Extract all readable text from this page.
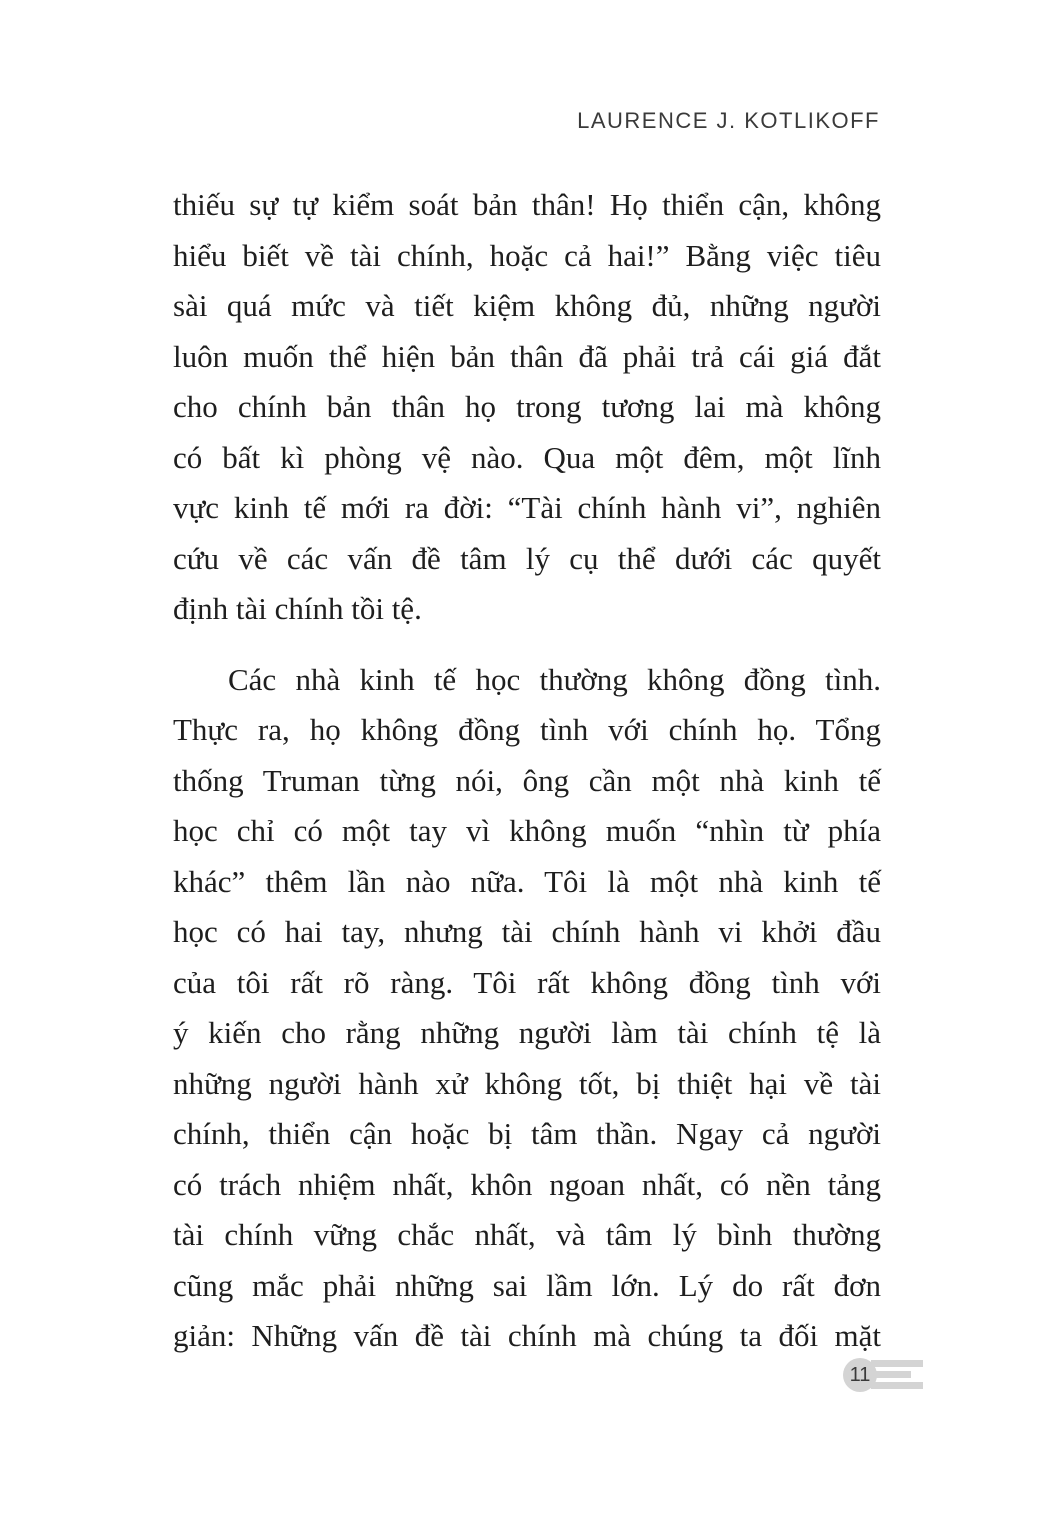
LAURENCE J. KOTLIKOFF
thiếu sự tự kiểm soát bản thân! Họ thiển cận, không
hiểu biết về tài chính, hoặc cả hai!” Bằng việc tiêu
sài quá mức và tiết kiệm không đủ, những người
luôn muốn thể hiện bản thân đã phải trả cái giá đắt
cho chính bản thân họ trong tương lai mà không
có bất kì phòng vệ nào. Qua một đêm, một lĩnh
vực kinh tế mới ra đời: “Tài chính hành vi”, nghiên
cứu về các vấn đề tâm lý cụ thể dưới các quyết
định tài chính tồi tệ.
Các nhà kinh tế học thường không đồng tình.
Thực ra, họ không đồng tình với chính họ. Tổng
thống Truman từng nói, ông cần một nhà kinh tế
học chỉ có một tay vì không muốn “nhìn từ phía
khác” thêm lần nào nữa. Tôi là một nhà kinh tế
học có hai tay, nhưng tài chính hành vi khởi đầu
của tôi rất rõ ràng. Tôi rất không đồng tình với
ý kiến cho rằng những người làm tài chính tệ là
những người hành xử không tốt, bị thiệt hại về tài
chính, thiển cận hoặc bị tâm thần. Ngay cả người
có trách nhiệm nhất, khôn ngoan nhất, có nền tảng
tài chính vững chắc nhất, và tâm lý bình thường
cũng mắc phải những sai lầm lớn. Lý do rất đơn
giản: Những vấn đề tài chính mà chúng ta đối mặt
11
